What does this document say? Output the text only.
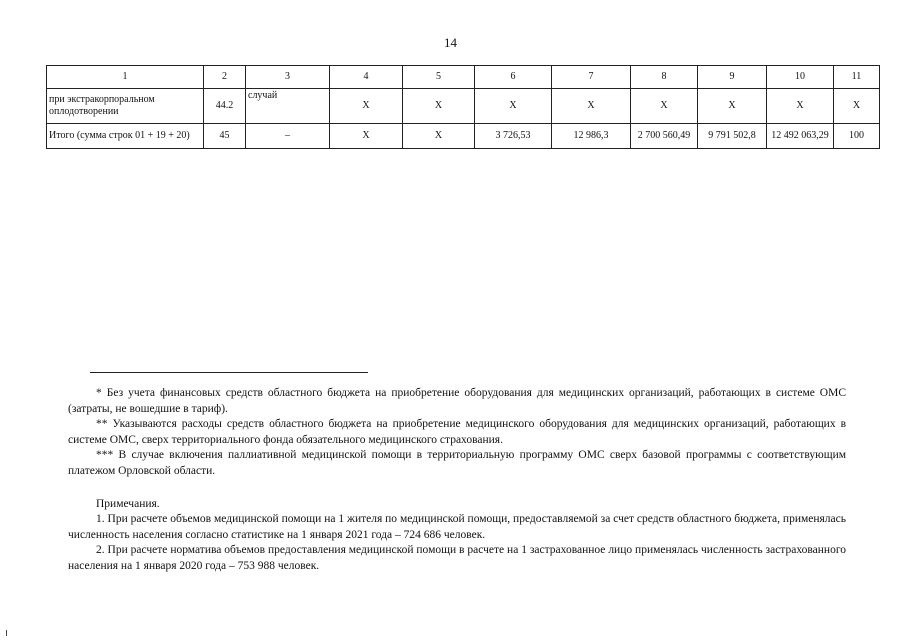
14
1	2	3	4	5	6	7	8	9	10	11
при экстракорпоральном оплодотворении	44.2	случай	Х	Х	Х	Х	Х	Х	Х	Х
Итого (сумма строк 01 + 19 + 20)	45	–	Х	Х	3 726,53	12 986,3	2 700 560,49	9 791 502,8	12 492 063,29	100

* Без учета финансовых средств областного бюджета на приобретение оборудования для медицинских организаций, работающих в системе ОМС (затраты, не вошедшие в тариф).

** Указываются расходы средств областного бюджета на приобретение медицинского оборудования для медицинских организаций, работающих в системе ОМС, сверх территориального фонда обязательного медицинского страхования.

*** В случае включения паллиативной медицинской помощи в территориальную программу ОМС сверх базовой программы с соответствующим платежом Орловской области.

Примечания.

1. При расчете объемов медицинской помощи на 1 жителя по медицинской помощи, предоставляемой за счет средств областного бюджета, применялась численность населения согласно статистике на 1 января 2021 года – 724 686 человек.

2. При расчете норматива объемов предоставления медицинской помощи в расчете на 1 застрахованное лицо применялась численность застрахованного населения на 1 января 2020 года – 753 988 человек.
